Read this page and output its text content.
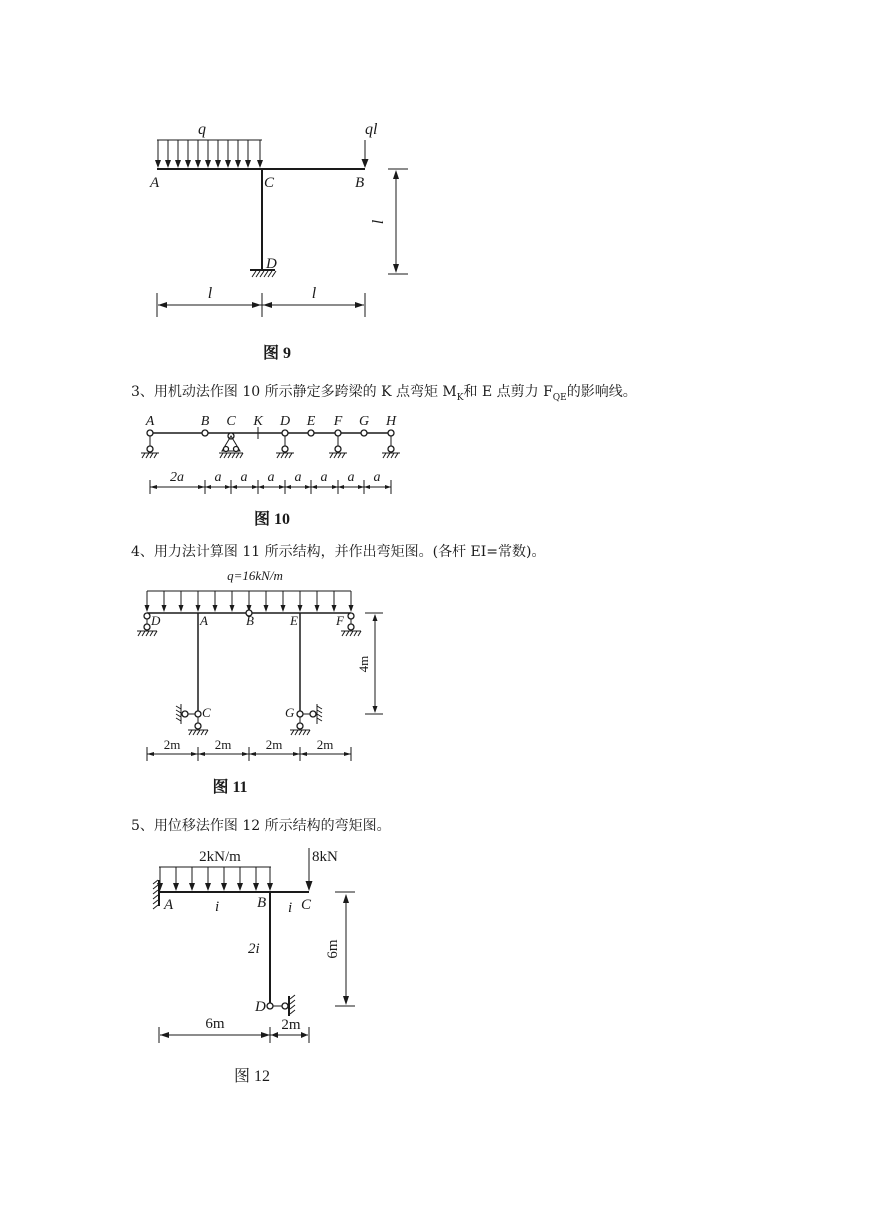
q	ql
A	C	B
D
l
l	l
图 9
3、用机动法作图 10 所示静定多跨梁的 K 点弯矩 $M_K$和 E 点剪力 $F_{QE}$的影响线。
A	B C K D E F G H
2a a a a a a a a
图 10
4、用力法计算图 11 所示结构，并作出弯矩图。(各杆 EI=常数)。
q=16kN/m
D	A	B	E	F
C	G
4m
2m	2m	2m	2m
图 11
5、用位移法作图 12 所示结构的弯矩图。
2kN/m	8kN
A	B C
D
i	i
2i	6m
6m	2m
图 12
